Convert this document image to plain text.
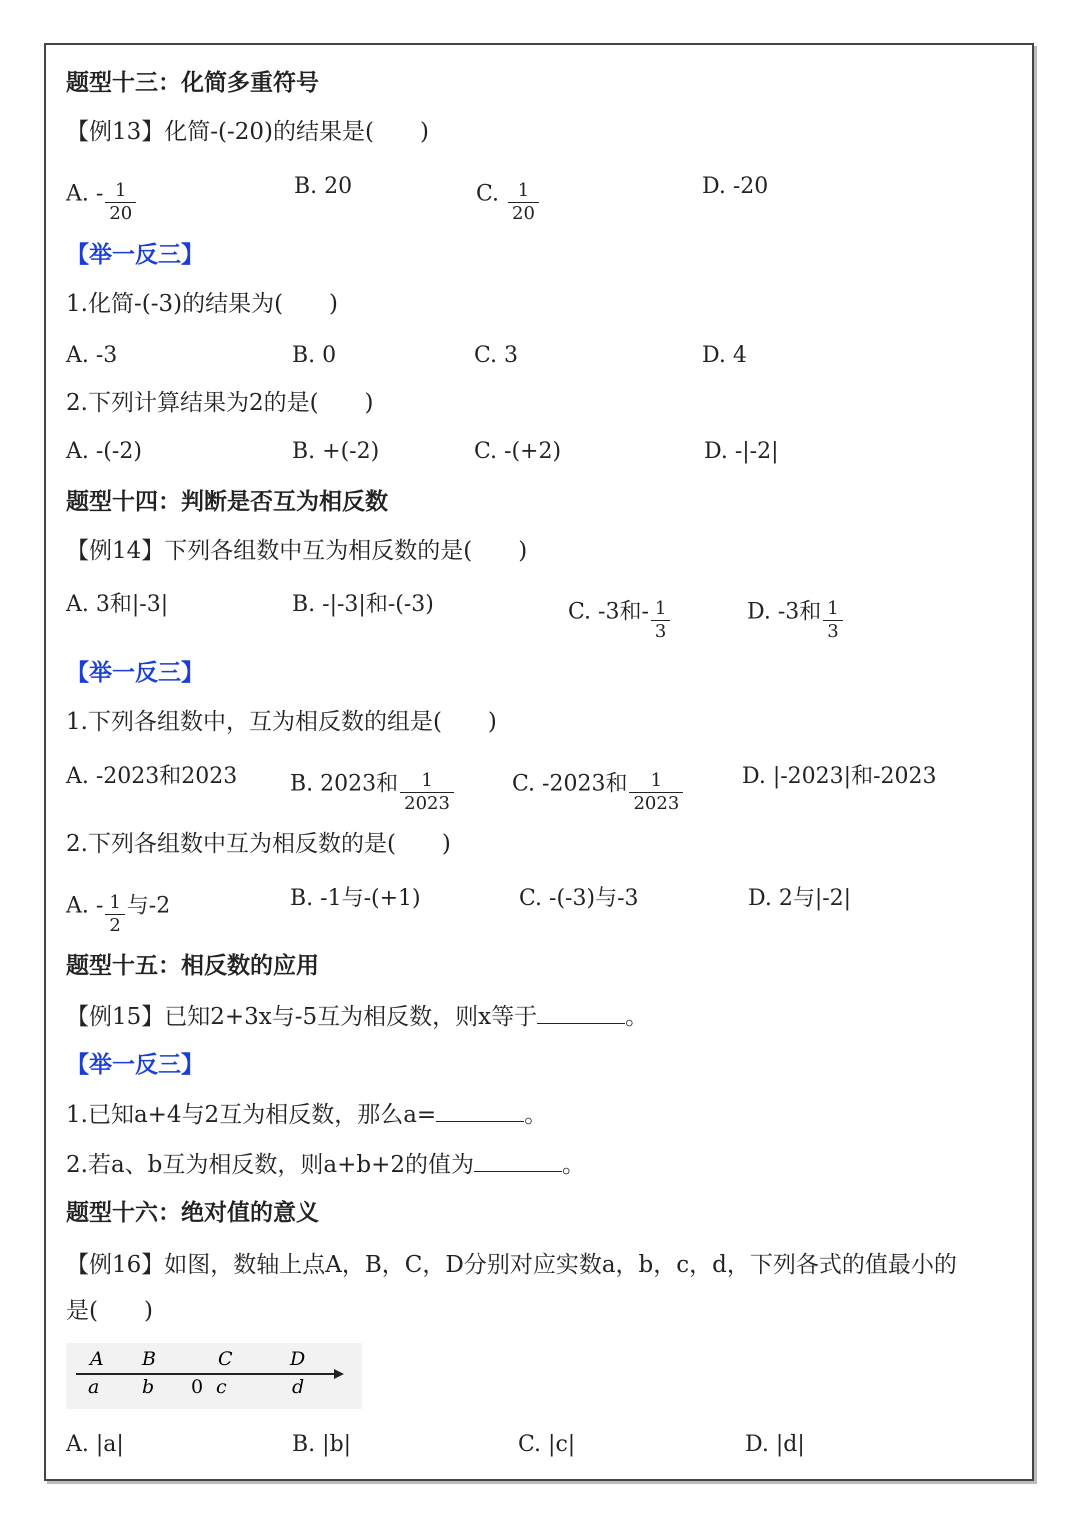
题型十三：化简多重符号
【例13】化简-(-20)的结果是(　　)
A. - $\frac{1}{20}$	B. 20	C. $\frac{1}{20}$	D. -20
【举一反三】
1.化简-(-3)的结果为(　　)
A. -3	B. 0	C. 3	D. 4
2.下列计算结果为2的是(　　)
A. -(-2)	B. +(-2)	C. -(+2)	D. -|-2|
题型十四：判断是否互为相反数
【例14】下列各组数中互为相反数的是(　　)
A. 3和|-3|	B. -|-3|和-(-3)	C. -3和- $\frac{1}{3}$	D. -3和 $\frac{1}{3}$
【举一反三】
1.下列各组数中，互为相反数的组是(　　)
A. -2023和2023 B. 2023和 $\frac{1}{2023}$	C. -2023和 $\frac{1}{2023}$	D. |-2023|和-2023
2.下列各组数中互为相反数的是(　　)
A. - $\frac{1}{2}$ 与-2	B. -1与-(+1)	C. -(-3)与-3	D. 2与|-2|
题型十五：相反数的应用
【例15】已知2+3x与-5互为相反数，则x等于	。
【举一反三】
1.已知a+4与2互为相反数，那么a=	。
2.若a、b互为相反数，则a+b+2的值为	。
题型十六：绝对值的意义
【例16】如图，数轴上点A，B，C，D分别对应实数a，b，c，d，下列各式的值最小的
是(　　)
A B	C	D
a b 0 c	d
A. |a|	B. |b|	C. |c|	D. |d|
